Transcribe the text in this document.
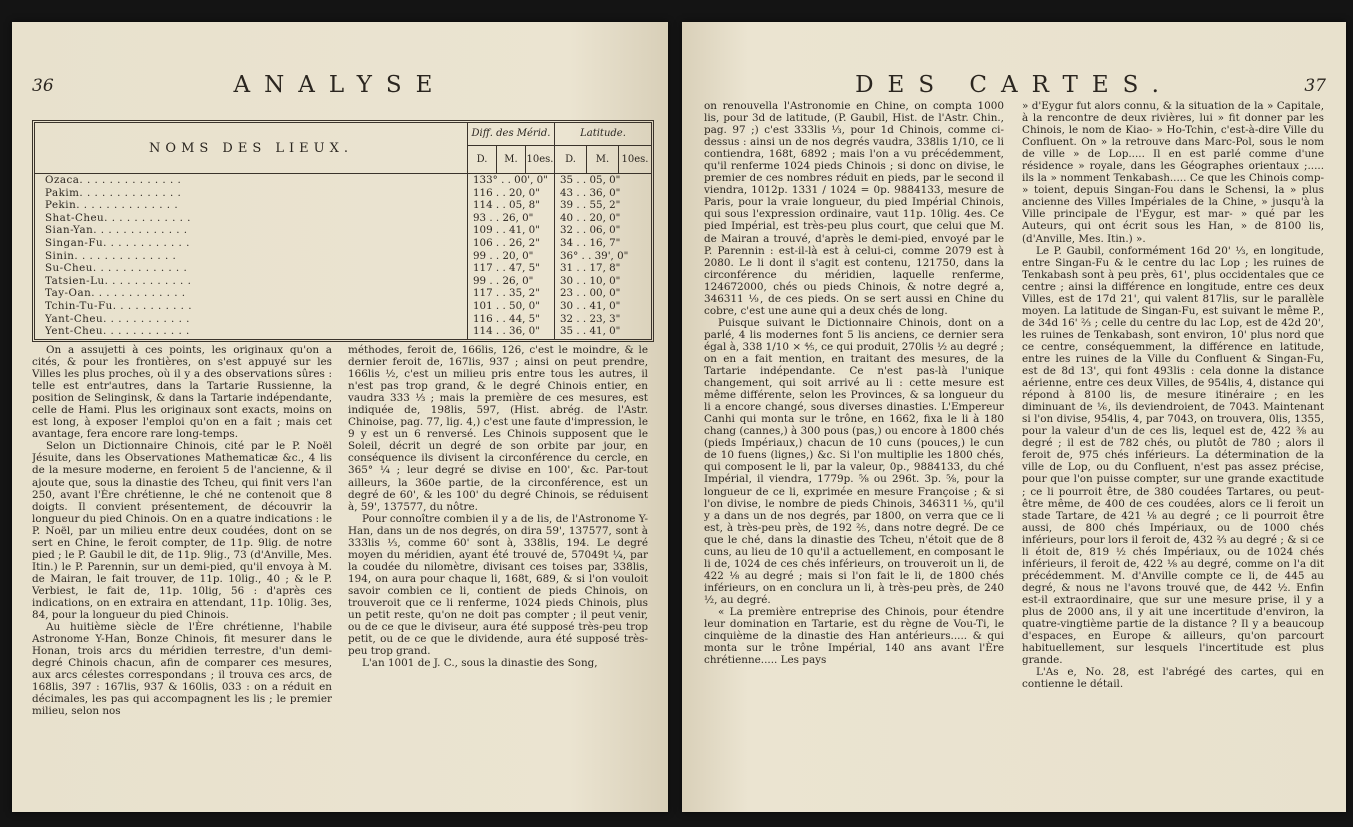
36	ANALYSE
NOMS DES LIEUX.
Diff. des Mérid.	Latitude.
D.	M. 10es.	D.	M.	10es.
Ozaca. . . . . . . . . . . . . .	133° . . 00', 0"	35 . . 05, 0"
Pakim. . . . . . . . . . . . . .	116 . . 20, 0"	43 . . 36, 0"
Pekin. . . . . . . . . . . . . .	114 . . 05, 8"	39 . . 55, 2"
Shat-Cheu. . . . . . . . . . . .	93 . . 26, 0"	40 . . 20, 0"
Sian-Yan. . . . . . . . . . . . .	109 . . 41, 0"	32 . . 06, 0"
Singan-Fu. . . . . . . . . . . .	106 . . 26, 2"	34 . . 16, 7"
Sinin. . . . . . . . . . . . . .	99 . . 20, 0"	36° . . 39', 0"
Su-Cheu. . . . . . . . . . . . .	117 . . 47, 5"	31 . . 17, 8"
Tatsien-Lu. . . . . . . . . . . .	99 . . 26, 0"	30 . . 10, 0"
Tay-Oan. . . . . . . . . . . . .	117 . . 35, 2"	23 . . 00, 0"
Tchin-Tu-Fu. . . . . . . . . . .	101 . . 50, 0"	30 . . 41, 0"
Yant-Cheu. . . . . . . . . . . .	116 . . 44, 5"	32 . . 23, 3"
Yent-Cheu. . . . . . . . . . . .	114 . . 36, 0"	35 . . 41, 0"

On a assujetti à ces points, les originaux qu'on a cités, & pour les frontières, on s'est appuyé sur les Villes les plus proches, où il y a des observations sûres : telle est entr'autres, dans la Tartarie Russienne, la position de Selinginsk, & dans la Tartarie indépendante, celle de Hami. Plus les originaux sont exacts, moins on est long, à exposer l'emploi qu'on en a fait ; mais cet avantage, fera encore rare long-temps.

Selon un Dictionnaire Chinois, cité par le P. Noël Jésuite, dans les Observationes Mathematicæ &c., 4 lis de la mesure moderne, en feroient 5 de l'ancienne, & il ajoute que, sous la dinastie des Tcheu, qui finit vers l'an 250, avant l'Ère chrétienne, le ché ne contenoit que 8 doigts. Il convient présentement, de découvrir la longueur du pied Chinois. On en a quatre indications : le P. Noël, par un milieu entre deux coudées, dont on se sert en Chine, le feroit compter, de 11p. 9lig. de notre pied ; le P. Gaubil le dit, de 11p. 9lig., 73 (d'Anville, Mes. Itin.) le P. Parennin, sur un demi-pied, qu'il envoya à M. de Mairan, le fait trouver, de 11p. 10lig., 40 ; & le P. Verbiest, le fait de, 11p. 10lig, 56 : d'après ces indications, on en extraira en attendant, 11p. 10lig. 3es, 84, pour la longueur du pied Chinois.

Au huitième siècle de l'Ère chrétienne, l'habile Astronome Y-Han, Bonze Chinois, fit mesurer dans le Honan, trois arcs du méridien terrestre, d'un demi-degré Chinois chacun, afin de comparer ces mesures, aux arcs célestes correspondans ; il trouva ces arcs, de 168lis, 397 : 167lis, 937 & 160lis, 033 : on a réduit en décimales, les pas qui accompagnent les lis ; le premier milieu, selon nos

méthodes, feroit de, 166lis, 126, c'est le moindre, & le dernier feroit de, 167lis, 937 ; ainsi on peut prendre, 166lis ½, c'est un milieu pris entre tous les autres, il n'est pas trop grand, & le degré Chinois entier, en vaudra 333 ⅓ ; mais la première de ces mesures, est indiquée de, 198lis, 597, (Hist. abrég. de l'Astr. Chinoise, pag. 77, lig. 4,) c'est une faute d'impression, le 9 y est un 6 renversé. Les Chinois supposent que le Soleil, décrit un degré de son orbite par jour, en conséquence ils divisent la circonférence du cercle, en 365° ¼ ; leur degré se divise en 100', &c. Par-tout ailleurs, la 360e partie, de la circonférence, est un degré de 60', & les 100' du degré Chinois, se réduisent à, 59', 137577, du nôtre.

Pour connoître combien il y a de lis, de l'Astronome Y-Han, dans un de nos degrés, on dira 59', 137577, sont à 333lis ⅓, comme 60' sont à, 338lis, 194. Le degré moyen du méridien, ayant été trouvé de, 57049t ¼, par la coudée du nilomètre, divisant ces toises par, 338lis, 194, on aura pour chaque li, 168t, 689, & si l'on vouloit savoir combien ce li, contient de pieds Chinois, on trouveroit que ce li renferme, 1024 pieds Chinois, plus un petit reste, qu'on ne doit pas compter ; il peut venir, ou de ce que le diviseur, aura été supposé très-peu trop petit, ou de ce que le dividende, aura été supposé très-peu trop grand.

L'an 1001 de J. C., sous la dinastie des Song,

DES CARTES.	37

on renouvella l'Astronomie en Chine, on compta 1000 lis, pour 3d de latitude, (P. Gaubil, Hist. de l'Astr. Chin., pag. 97 ;) c'est 333lis ⅓, pour 1d Chinois, comme ci-dessus : ainsi un de nos degrés vaudra, 338lis 1/10, ce li contiendra, 168t, 6892 ; mais l'on a vu précédemment, qu'il renferme 1024 pieds Chinois ; si donc on divise, le premier de ces nombres réduit en pieds, par le second il viendra, 1012p. 1331 / 1024 = 0p. 9884133, mesure de Paris, pour la vraie longueur, du pied Impérial Chinois, qui sous l'expression ordinaire, vaut 11p. 10lig. 4es. Ce pied Impérial, est très-peu plus court, que celui que M. de Mairan a trouvé, d'après le demi-pied, envoyé par le P. Parennin : est-il-là est à celui-ci, comme 2079 est à 2080. Le li dont il s'agit est contenu, 121750, dans la circonférence du méridien, laquelle renferme, 124672000, chés ou pieds Chinois, & notre degré a, 346311 ⅑, de ces pieds. On se sert aussi en Chine du cobre, c'est une aune qui a deux chés de long.

Puisque suivant le Dictionnaire Chinois, dont on a parlé, 4 lis modernes font 5 lis anciens, ce dernier sera égal à, 338 1/10 × ⅘, ce qui produit, 270lis ½ au degré ; on en a fait mention, en traitant des mesures, de la Tartarie indépendante. Ce n'est pas-là l'unique changement, qui soit arrivé au li : cette mesure est même différente, selon les Provinces, & sa longueur du li a encore changé, sous diverses dinasties. L'Empereur Canhi qui monta sur le trône, en 1662, fixa le li à 180 chang (cannes,) à 300 pous (pas,) ou encore à 1800 chés (pieds Impériaux,) chacun de 10 cuns (pouces,) le cun de 10 fuens (lignes,) &c. Si l'on multiplie les 1800 chés, qui composent le li, par la valeur, 0p., 9884133, du ché Impérial, il viendra, 1779p. ⅝ ou 296t. 3p. ⅝, pour la longueur de ce li, exprimée en mesure Françoise ; & si l'on divise, le nombre de pieds Chinois, 346311 ⅑, qu'il y a dans un de nos degrés, par 1800, on verra que ce li est, à très-peu près, de 192 ⅖, dans notre degré. De ce que le ché, dans la dinastie des Tcheu, n'étoit que de 8 cuns, au lieu de 10 qu'il a actuellement, en composant le li de, 1024 de ces chés inférieurs, on trouveroit un li, de 422 ⅛ au degré ; mais si l'on fait le li, de 1800 chés inférieurs, on en conclura un li, à très-peu près, de 240 ½, au degré.

« La première entreprise des Chinois, pour étendre leur domination en Tartarie, est du règne de Vou-Ti, le cinquième de la dinastie des Han antérieurs..... & qui monta sur le trône Impérial, 140 ans avant l'Ère chrétienne..... Les pays

» d'Eygur fut alors connu, & la situation de la » Capitale, à la rencontre de deux rivières, lui » fit donner par les Chinois, le nom de Kiao- » Ho-Tchin, c'est-à-dire Ville du Confluent. On » la retrouve dans Marc-Pol, sous le nom de ville » de Lop..... Il en est parlé comme d'une résidence » royale, dans les Géographes orientaux ;..... ils la » nomment Tenkabash..... Ce que les Chinois comp- » toient, depuis Singan-Fou dans le Schensi, la » plus ancienne des Villes Impériales de la Chine, » jusqu'à la Ville principale de l'Eygur, est mar- » qué par les Auteurs, qui ont écrit sous les Han, » de 8100 lis, (d'Anville, Mes. Itin.) ».

Le P. Gaubil, conformément 16d 20' ⅓, en longitude, entre Singan-Fu & le centre du lac Lop ; les ruines de Tenkabash sont à peu près, 61', plus occidentales que ce centre ; ainsi la différence en longitude, entre ces deux Villes, est de 17d 21', qui valent 817lis, sur le parallèle moyen. La latitude de Singan-Fu, est suivant le même P., de 34d 16' ⅔ ; celle du centre du lac Lop, est de 42d 20', les ruines de Tenkabash, sont environ, 10' plus nord que ce centre, conséquemment, la différence en latitude, entre les ruines de la Ville du Confluent & Singan-Fu, est de 8d 13', qui font 493lis : cela donne la distance aérienne, entre ces deux Villes, de 954lis, 4, distance qui répond à 8100 lis, de mesure itinéraire ; en les diminuant de ⅙, ils deviendroient, de 7043. Maintenant si l'on divise, 954lis, 4, par 7043, on trouvera, 0lis, 1355, pour la valeur d'un de ces lis, lequel est de, 422 ⅜ au degré ; il est de 782 chés, ou plutôt de 780 ; alors il feroit de, 975 chés inférieurs. La détermination de la ville de Lop, ou du Confluent, n'est pas assez précise, pour que l'on puisse compter, sur une grande exactitude ; ce li pourroit être, de 380 coudées Tartares, ou peut-être même, de 400 de ces coudées, alors ce li feroit un stade Tartare, de 421 ⅛ au degré ; ce li pourroit être aussi, de 800 chés Impériaux, ou de 1000 chés inférieurs, pour lors il feroit de, 432 ⅔ au degré ; & si ce li étoit de, 819 ½ chés Impériaux, ou de 1024 chés inférieurs, il feroit de, 422 ⅛ au degré, comme on l'a dit précédemment. M. d'Anville compte ce li, de 445 au degré, & nous ne l'avons trouvé que, de 442 ½. Enfin est-il extraordinaire, que sur une mesure prise, il y a plus de 2000 ans, il y ait une incertitude d'environ, la quatre-vingtième partie de la distance ? Il y a beaucoup d'espaces, en Europe & ailleurs, qu'on parcourt habituellement, sur lesquels l'incertitude est plus grande.

L'As e, No. 28, est l'abrégé des cartes, qui en contienne le détail.
